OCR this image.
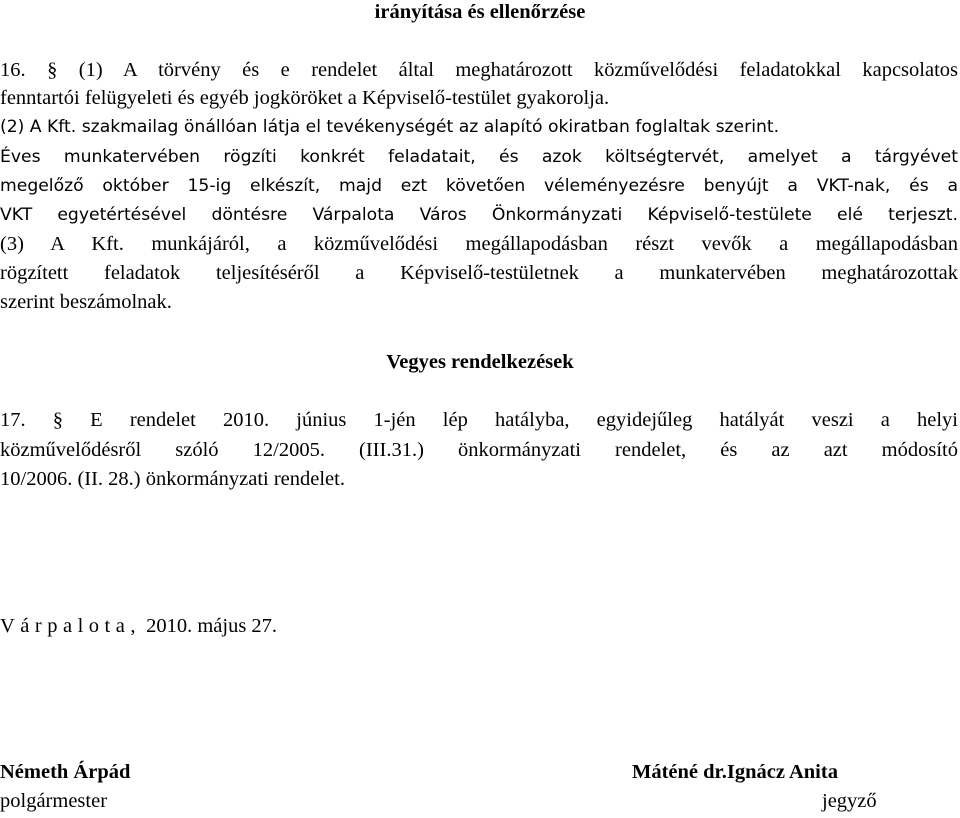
irányítása és ellenőrzése
16. § (1) A törvény és e rendelet által meghatározott közművelődési feladatokkal kapcsolatos
fenntartói felügyeleti és egyéb jogköröket a Képviselő-testület gyakorolja.
(2) A Kft. szakmailag önállóan látja el tevékenységét az alapító okiratban foglaltak szerint.
Éves munkatervében rögzíti konkrét feladatait, és azok költségtervét, amelyet a tárgyévet
megelőző október 15-ig elkészít, majd ezt követően véleményezésre benyújt a VKT-nak, és a
VKT egyetértésével döntésre Várpalota Város Önkormányzati Képviselő-testülete elé terjeszt.
(3) A Kft. munkájáról, a közművelődési megállapodásban részt vevők a megállapodásban
rögzített feladatok teljesítéséről a Képviselő-testületnek a munkatervében meghatározottak
szerint beszámolnak.
Vegyes rendelkezések
17. § E rendelet 2010. június 1-jén lép hatályba, egyidejűleg hatályát veszi a helyi
közművelődésről szóló 12/2005. (III.31.) önkormányzati rendelet, és az azt módosító
10/2006. (II. 28.) önkormányzati rendelet.
Várpalota, 2010. május 27.
Németh Árpád
polgármester
Máténé dr.Ignácz Anita
jegyző
